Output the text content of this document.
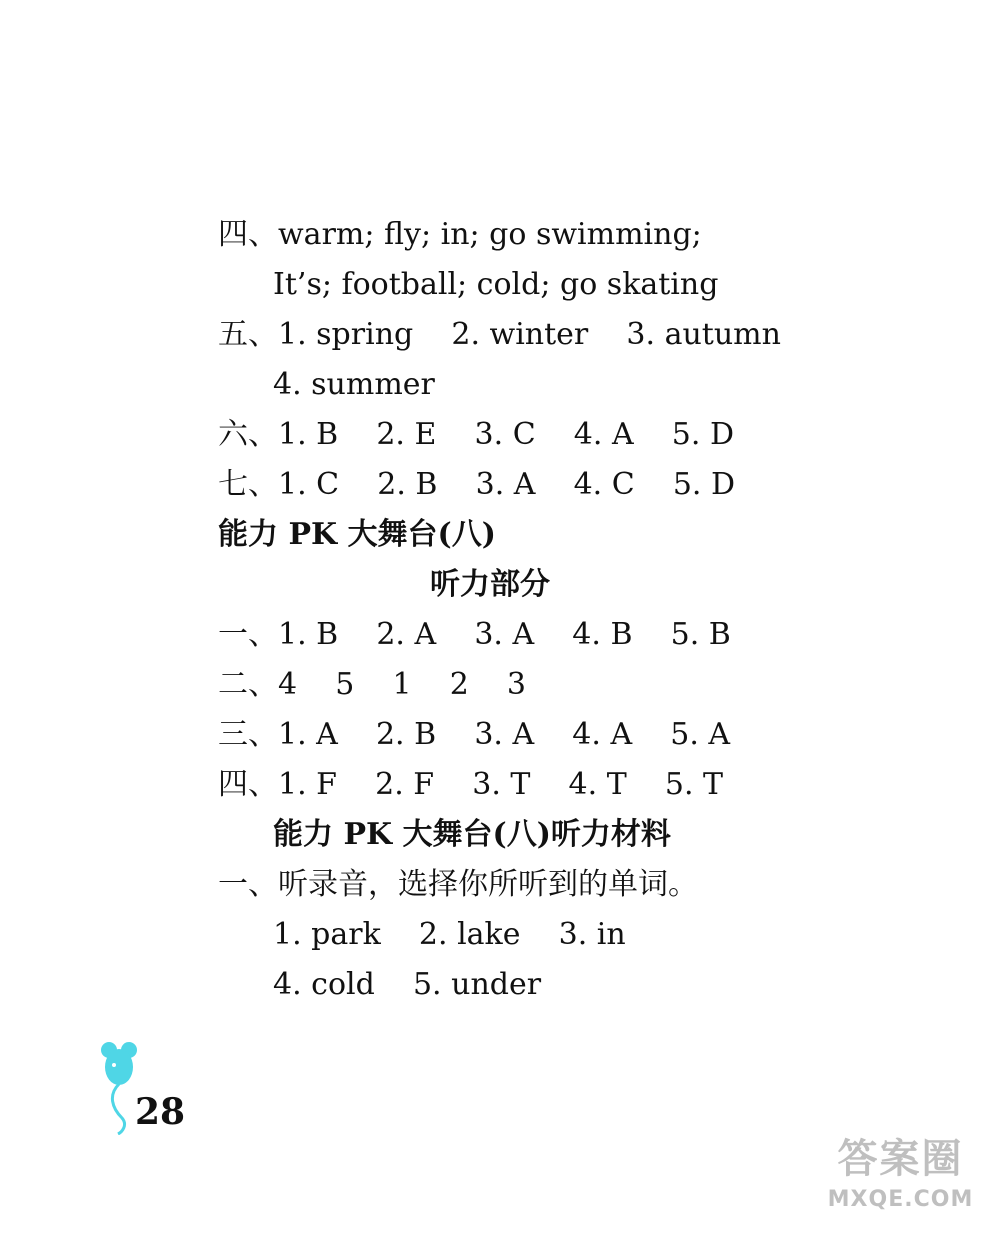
四、warm; fly; in; go swimming;
It’s; football; cold; go skating
五、1. spring    2. winter    3. autumn
4. summer
六、1. B    2. E    3. C    4. A    5. D
七、1. C    2. B    3. A    4. C    5. D
能力 PK 大舞台(八)
听力部分
一、1. B    2. A    3. A    4. B    5. B
二、4    5    1    2    3
三、1. A    2. B    3. A    4. A    5. A
四、1. F    2. F    3. T    4. T    5. T
能力 PK 大舞台(八)听力材料
一、听录音，选择你所听到的单词。
1. park    2. lake    3. in
4. cold    5. under
28
答案圈
MXQE.COM
